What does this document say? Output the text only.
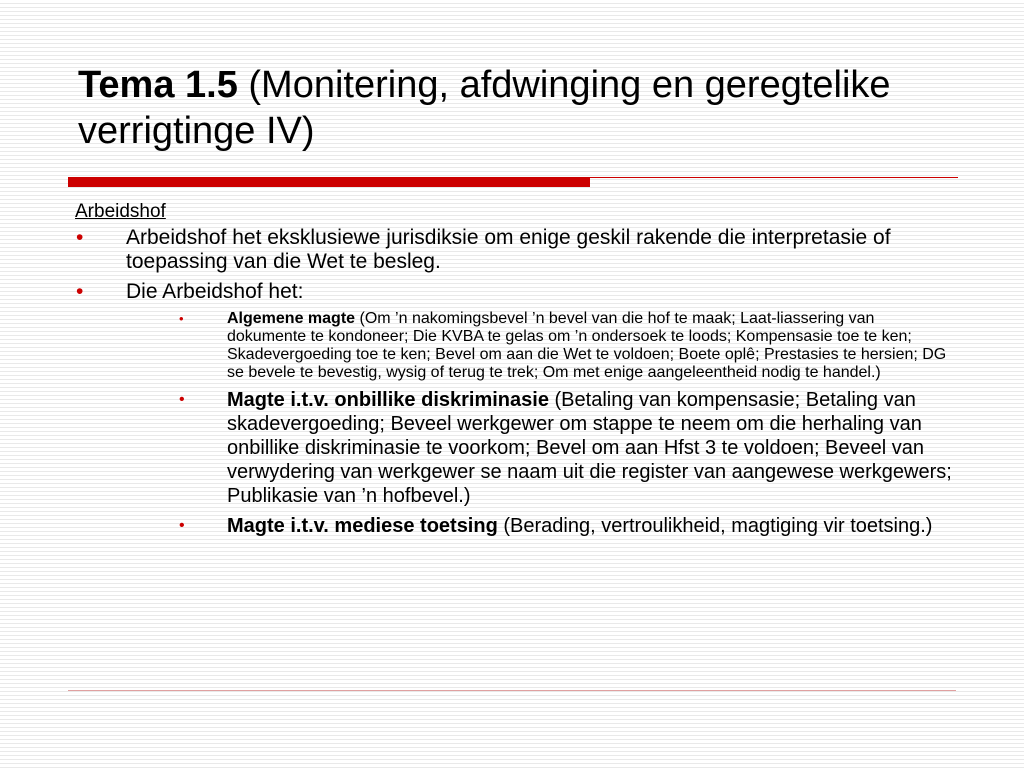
Tema 1.5 (Monitering, afdwinging en geregtelike verrigtinge IV)

Arbeidshof

• Arbeidshof het eksklusiewe jurisdiksie om enige geskil rakende die interpretasie of toepassing van die Wet te besleg.
• Die Arbeidshof het:
•	Algemene magte (Om ’n nakomingsbevel ’n bevel van die hof te maak; Laat-liassering van dokumente te kondoneer; Die KVBA te gelas om ’n ondersoek te loods; Kompensasie toe te ken; Skadevergoeding toe te ken; Bevel om aan die Wet te voldoen; Boete oplê; Prestasies te hersien; DG se bevele te bevestig, wysig of terug te trek; Om met enige aangeleentheid nodig te handel.)
• Magte i.t.v. onbillike diskriminasie (Betaling van kompensasie; Betaling van skadevergoeding; Beveel werkgewer om stappe te neem om die herhaling van onbillike diskriminasie te voorkom; Bevel om aan Hfst 3 te voldoen; Beveel van verwydering van werkgewer se naam uit die register van aangewese werkgewers; Publikasie van ’n hofbevel.)
• Magte i.t.v. mediese toetsing (Berading, vertroulikheid, magtiging vir toetsing.)
